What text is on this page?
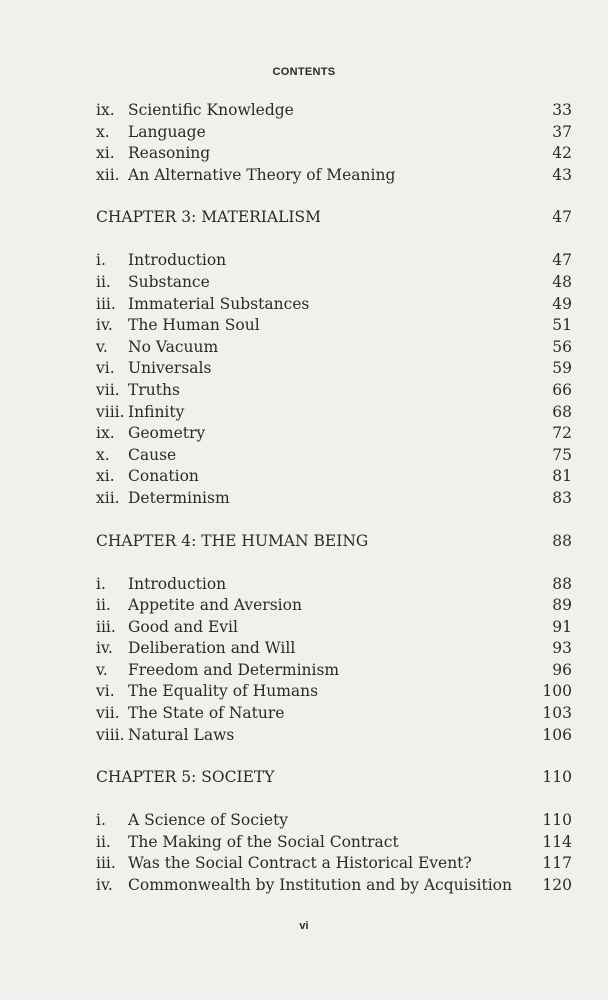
CONTENTS
ix. Scientific Knowledge	33
x. Language	37
xi. Reasoning	42
xii. An Alternative Theory of Meaning	43
CHAPTER 3: MATERIALISM	47
i. Introduction	47
ii. Substance	48
iii. Immaterial Substances	49
iv. The Human Soul	51
v. No Vacuum	56
vi. Universals	59
vii. Truths	66
viii. Infinity	68
ix. Geometry	72
x. Cause	75
xi. Conation	81
xii. Determinism	83
CHAPTER 4: THE HUMAN BEING	88
i. Introduction	88
ii. Appetite and Aversion	89
iii. Good and Evil	91
iv. Deliberation and Will	93
v. Freedom and Determinism	96
vi. The Equality of Humans	100
vii. The State of Nature	103
viii. Natural Laws	106
CHAPTER 5: SOCIETY	110
i. A Science of Society	110
ii. The Making of the Social Contract	114
iii. Was the Social Contract a Historical Event?	117
iv. Commonwealth by Institution and by Acquisition 120
vi
